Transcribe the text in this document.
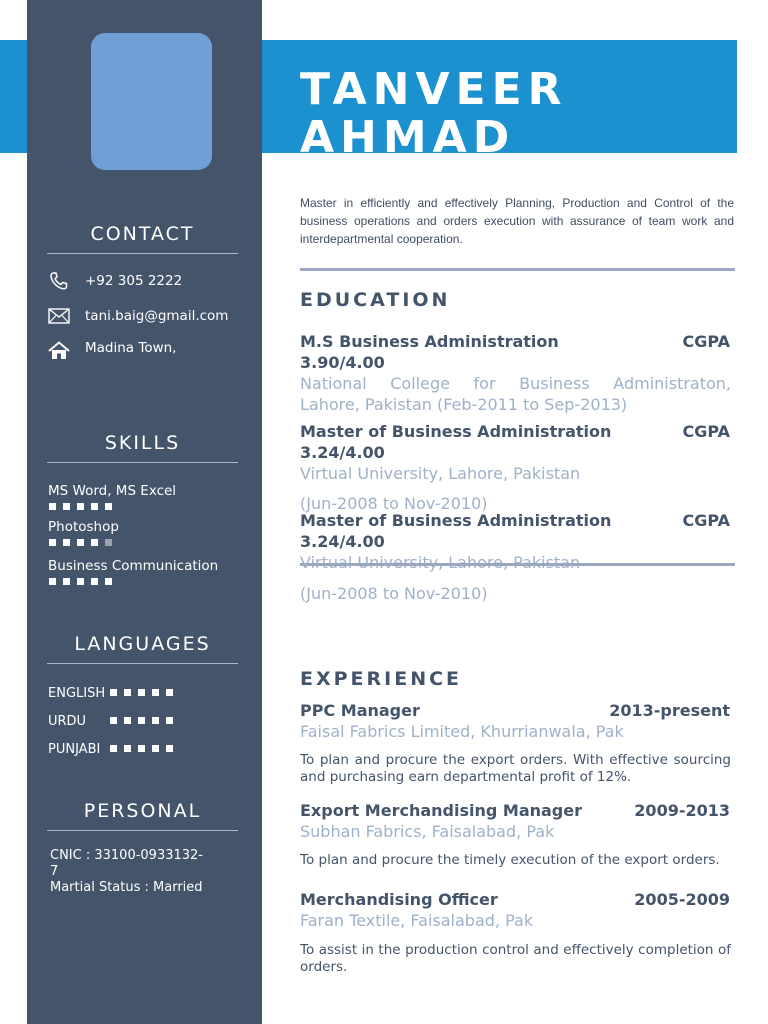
CONTACT
+92 305 2222
tani.baig@gmail.com
Madina Town,
SKILLS
MS Word, MS Excel
Photoshop
Business Communication
LANGUAGES
ENGLISH
URDU
PUNJABI
PERSONAL
CNIC : 33100-0933132-
7
Martial Status : Married
TANVEER AHMAD
Master in efficiently and effectively Planning, Production and Control of the business operations and orders execution with assurance of team work and interdepartmental cooperation.
EDUCATION
M.S Business Administration	CGPA
3.90/4.00
National College for Business Administraton,
Lahore, Pakistan (Feb-2011 to Sep-2013)
Master of Business Administration	CGPA
3.24/4.00
Virtual University, Lahore, Pakistan
(Jun-2008 to Nov-2010)
Master of Business Administration	CGPA
3.24/4.00
(Jun-2008 to Nov-2010)
EXPERIENCE
PPC Manager	2013-present
Faisal Fabrics Limited, Khurrianwala, Pak
To plan and procure the export orders. With effective sourcing and purchasing earn departmental profit of 12%.
Export Merchandising Manager	2009-2013
Subhan Fabrics, Faisalabad, Pak
To plan and procure the timely execution of the export orders.
Merchandising Officer	2005-2009
Faran Textile, Faisalabad, Pak
To assist in the production control and effectively completion of orders.
